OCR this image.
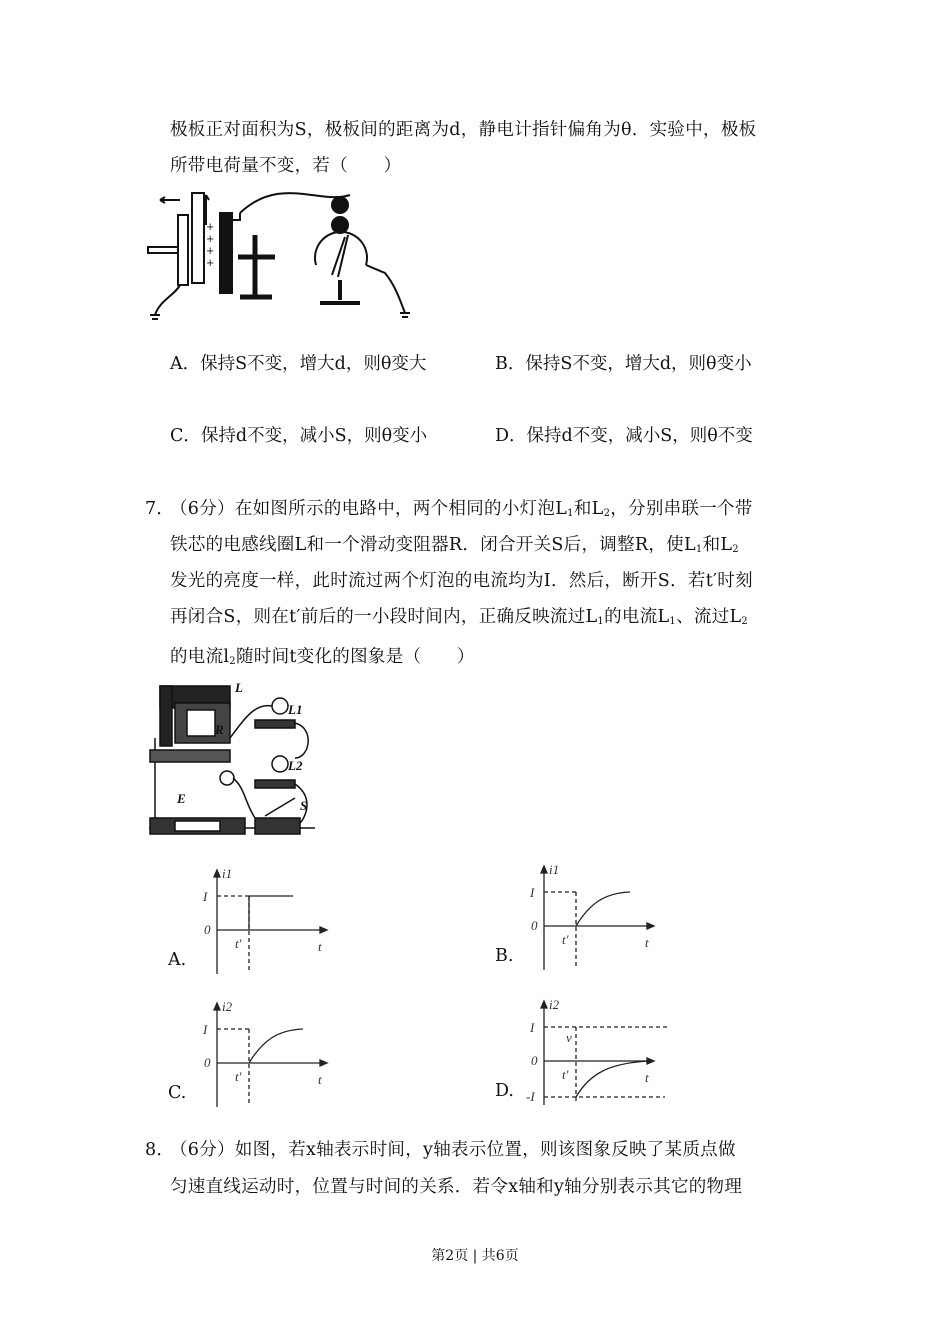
极板正对面积为S，极板间的距离为d，静电计指针偏角为θ．实验中，极板
所带电荷量不变，若（　　）
+
+
+
+
A．保持S不变，增大d，则θ变大	B．保持S不变，增大d，则θ变小
C．保持d不变，减小S，则θ变小	D．保持d不变，减小S，则θ不变
7．
（6分）在如图所示的电路中，两个相同的小灯泡$L_1$和$L_2$，分别串联一个带
铁芯的电感线圈L和一个滑动变阻器R．闭合开关S后，调整R，使$L_1$和$L_2$
发光的亮度一样，此时流过两个灯泡的电流均为I．然后，断开S．若t′时刻
再闭合S，则在t′前后的一小段时间内，正确反映流过$L_1$的电流$L_1$、流过$L_2$
的电流$l_2$随时间t变化的图象是（　　）
L
L1
R
L2
E	S
A.
i1
I
0
t′	t	B.
i1
I
0
t′	t
C.
i2
I
0
t′	t
D.
i2
I
0
t′	t
-I
v
8．
（6分）如图，若x轴表示时间，y轴表示位置，则该图象反映了某质点做
匀速直线运动时，位置与时间的关系．若令x轴和y轴分别表示其它的物理
第2页 | 共6页
